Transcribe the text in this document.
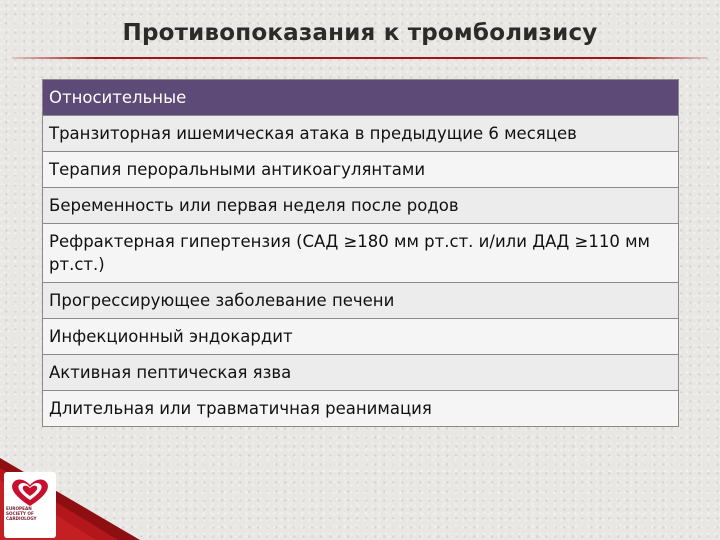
Противопоказания к тромболизису
Относительные
Транзиторная ишемическая атака в предыдущие 6 месяцев
Терапия пероральными антикоагулянтами
Беременность или первая неделя после родов
Рефрактерная гипертензия (САД ≥180 мм рт.ст. и/или ДАД ≥110 мм рт.ст.)
Прогрессирующее заболевание печени
Инфекционный эндокардит
Активная пептическая язва
Длительная или травматичная реанимация
EUROPEAN
SOCIETY OF
CARDIOLOGY
